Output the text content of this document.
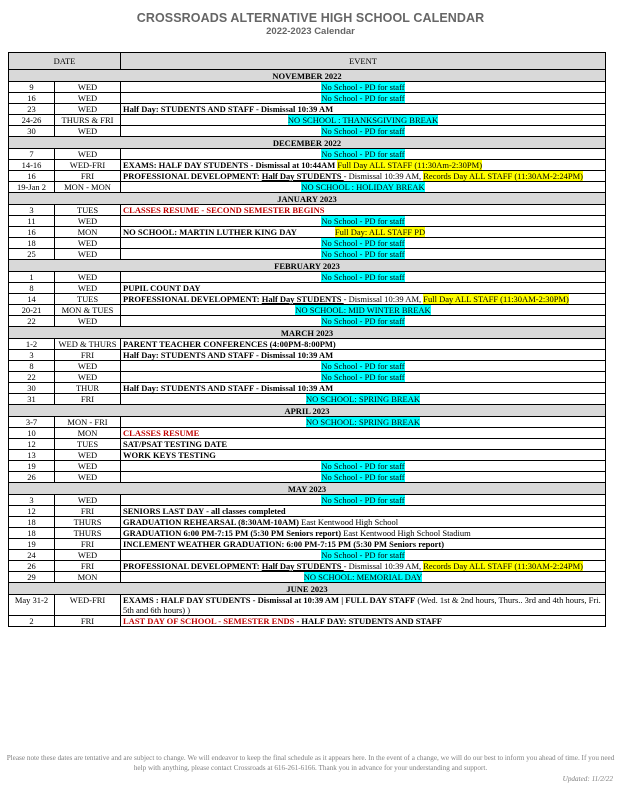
CROSSROADS ALTERNATIVE HIGH SCHOOL CALENDAR
2022-2023 Calendar
DATE		EVENT
NOVEMBER 2022		
9	WED	No School - PD for staff
16	WED	No School - PD for staff
23	WED	Half Day: STUDENTS AND STAFF - Dismissal 10:39 AM
24-26	THURS & FRI	NO SCHOOL : THANKSGIVING BREAK
30	WED	No School - PD for staff
DECEMBER 2022		
7	WED	No School - PD for staff
14-16	WED-FRI	EXAMS: HALF DAY STUDENTS - Dismissal at 10:44AM Full Day ALL STAFF (11:30Am-2:30PM)
16	FRI	PROFESSIONAL DEVELOPMENT: Half Day STUDENTS - Dismissal 10:39 AM, Records Day ALL STAFF (11:30AM-2:24PM)
19-Jan 2	MON - MON	NO SCHOOL : HOLIDAY BREAK
JANUARY 2023		
3	TUES	CLASSES RESUME - SECOND SEMESTER BEGINS
11	WED	No School - PD for staff
16	MON	NO SCHOOL: MARTIN LUTHER KING DAY Full Day: ALL STAFF PD
18	WED	No School - PD for staff
25	WED	No School - PD for staff
FEBRUARY 2023		
1	WED	No School - PD for staff
8	WED	PUPIL COUNT DAY
14	TUES	PROFESSIONAL DEVELOPMENT: Half Day STUDENTS - Dismissal 10:39 AM, Full Day ALL STAFF (11:30AM-2:30PM)
20-21	MON & TUES	NO SCHOOL: MID WINTER BREAK
22	WED	No School - PD for staff
MARCH 2023		
1-2	WED & THURS	PARENT TEACHER CONFERENCES (4:00PM-8:00PM)
3	FRI	Half Day: STUDENTS AND STAFF - Dismissal 10:39 AM
8	WED	No School - PD for staff
22	WED	No School - PD for staff
30	THUR	Half Day: STUDENTS AND STAFF - Dismissal 10:39 AM
31	FRI	NO SCHOOL: SPRING BREAK
APRIL 2023		
3-7	MON - FRI	NO SCHOOL: SPRING BREAK
10	MON	CLASSES RESUME
12	TUES	SAT/PSAT TESTING DATE
13	WED	WORK KEYS TESTING
19	WED	No School - PD for staff
26	WED	No School - PD for staff
MAY 2023		
3	WED	No School - PD for staff
12	FRI	SENIORS LAST DAY - all classes completed
18	THURS	GRADUATION REHEARSAL (8:30AM-10AM) East Kentwood High School
18	THURS	GRADUATION 6:00 PM-7:15 PM (5:30 PM Seniors report) East Kentwood High School Stadium
19	FRI	INCLEMENT WEATHER GRADUATION: 6:00 PM-7:15 PM (5:30 PM Seniors report)
24	WED	No School - PD for staff
26	FRI	PROFESSIONAL DEVELOPMENT: Half Day STUDENTS - Dismissal 10:39 AM, Records Day ALL STAFF (11:30AM-2:24PM)
29	MON	NO SCHOOL: MEMORIAL DAY
JUNE 2023		
May 31-2	WED-FRI	EXAMS : HALF DAY STUDENTS - Dismissal at 10:39 AM | FULL DAY STAFF (Wed. 1st & 2nd hours, Thurs.. 3rd and 4th hours, Fri. 5th and 6th hours) )
2	FRI	LAST DAY OF SCHOOL - SEMESTER ENDS - HALF DAY: STUDENTS AND STAFF
Please note these dates are tentative and are subject to change. We will endeavor to keep the final schedule as it appears here. In the event of a change, we will do our best to inform you ahead of time. If you need help with anything, please contact Crossroads at 616-261-6166. Thank you in advance for your understanding and support.
Updated: 11/2/22
